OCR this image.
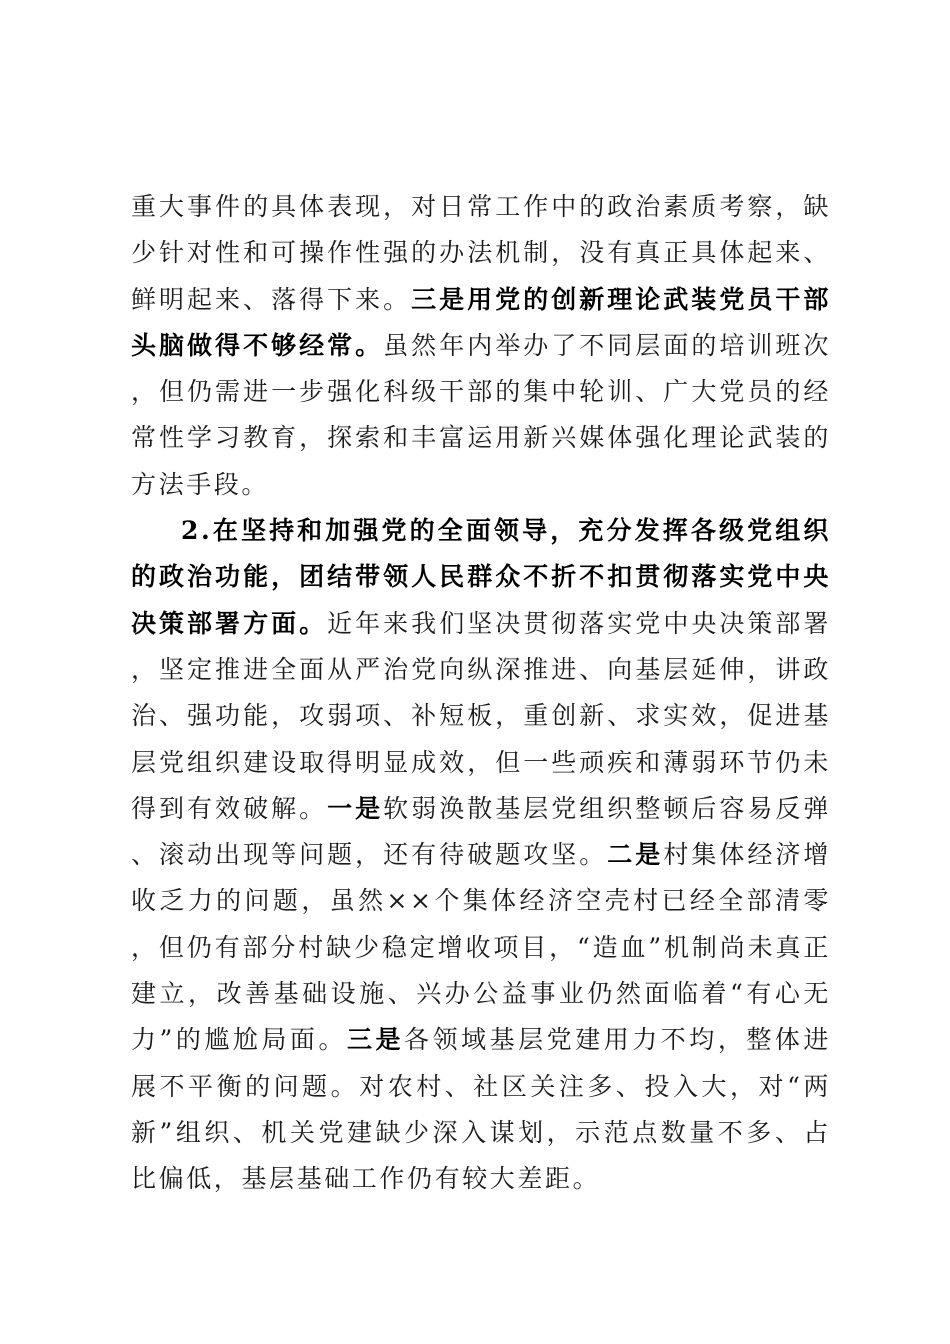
重大事件的具体表现，对日常工作中的政治素质考察，缺少针对性和可操作性强的办法机制，没有真正具体起来、鲜明起来、落得下来。三是用党的创新理论武装党员干部头脑做得不够经常。虽然年内举办了不同层面的培训班次，但仍需进一步强化科级干部的集中轮训、广大党员的经常性学习教育，探索和丰富运用新兴媒体强化理论武装的方法手段。

2.在坚持和加强党的全面领导，充分发挥各级党组织的政治功能，团结带领人民群众不折不扣贯彻落实党中央决策部署方面。近年来我们坚决贯彻落实党中央决策部署，坚定推进全面从严治党向纵深推进、向基层延伸，讲政治、强功能，攻弱项、补短板，重创新、求实效，促进基层党组织建设取得明显成效，但一些顽疾和薄弱环节仍未得到有效破解。一是软弱涣散基层党组织整顿后容易反弹、滚动出现等问题，还有待破题攻坚。二是村集体经济增收乏力的问题，虽然××个集体经济空壳村已经全部清零，但仍有部分村缺少稳定增收项目，“造血”机制尚未真正建立，改善基础设施、兴办公益事业仍然面临着“有心无力”的尴尬局面。三是各领域基层党建用力不均，整体进展不平衡的问题。对农村、社区关注多、投入大，对“两新”组织、机关党建缺少深入谋划，示范点数量不多、占比偏低，基层基础工作仍有较大差距。
